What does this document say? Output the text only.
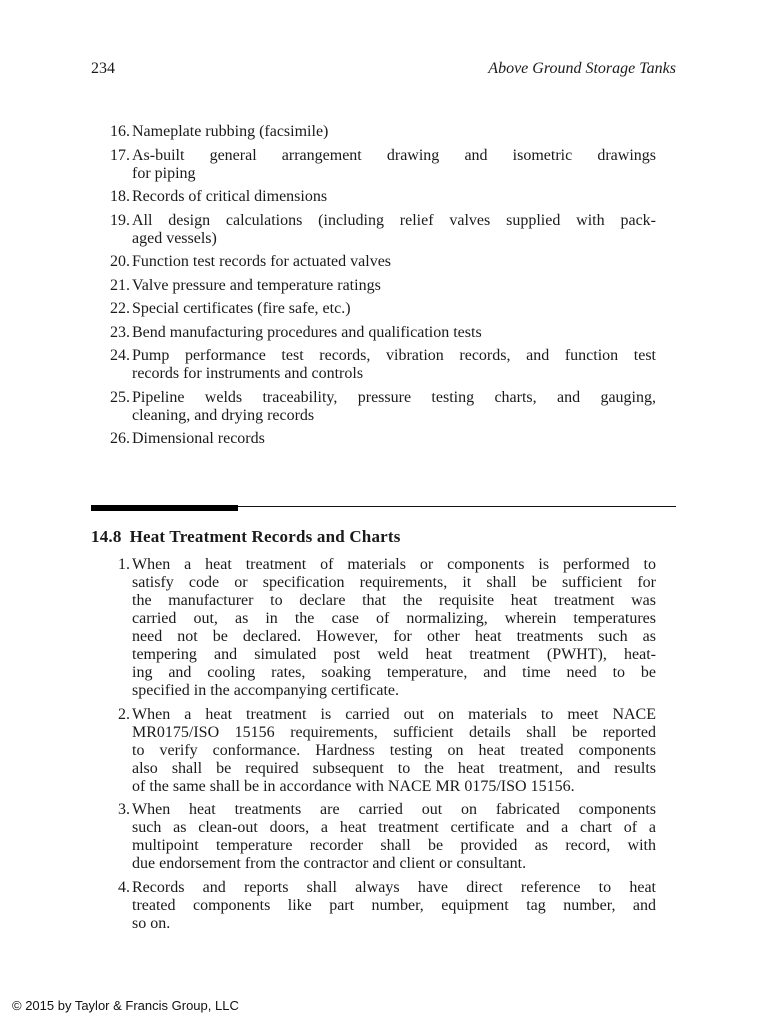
234	Above Ground Storage Tanks
16. Nameplate rubbing (facsimile)
17. As-built general arrangement drawing and isometric drawings
for piping
18. Records of critical dimensions
19. All design calculations (including relief valves supplied with pack-
aged vessels)
20. Function test records for actuated valves
21. Valve pressure and temperature ratings
22. Special certificates (fire safe, etc.)
23. Bend manufacturing procedures and qualification tests
24. Pump performance test records, vibration records, and function test
records for instruments and controls
25. Pipeline welds traceability, pressure testing charts, and gauging,
cleaning, and drying records
26. Dimensional records
14.8 Heat Treatment Records and Charts
1. When a heat treatment of materials or components is performed to
satisfy code or specification requirements, it shall be sufficient for
the manufacturer to declare that the requisite heat treatment was
carried out, as in the case of normalizing, wherein temperatures
need not be declared. However, for other heat treatments such as
tempering and simulated post weld heat treatment (PWHT), heat-
ing and cooling rates, soaking temperature, and time need to be
specified in the accompanying certificate.
2. When a heat treatment is carried out on materials to meet NACE
MR0175/ISO 15156 requirements, sufficient details shall be reported
to verify conformance. Hardness testing on heat treated components
also shall be required subsequent to the heat treatment, and results
of the same shall be in accordance with NACE MR 0175/ISO 15156.
3. When heat treatments are carried out on fabricated components
such as clean-out doors, a heat treatment certificate and a chart of a
multipoint temperature recorder shall be provided as record, with
due endorsement from the contractor and client or consultant.
4. Records and reports shall always have direct reference to heat
treated components like part number, equipment tag number, and
so on.
© 2015 by Taylor & Francis Group, LLC
